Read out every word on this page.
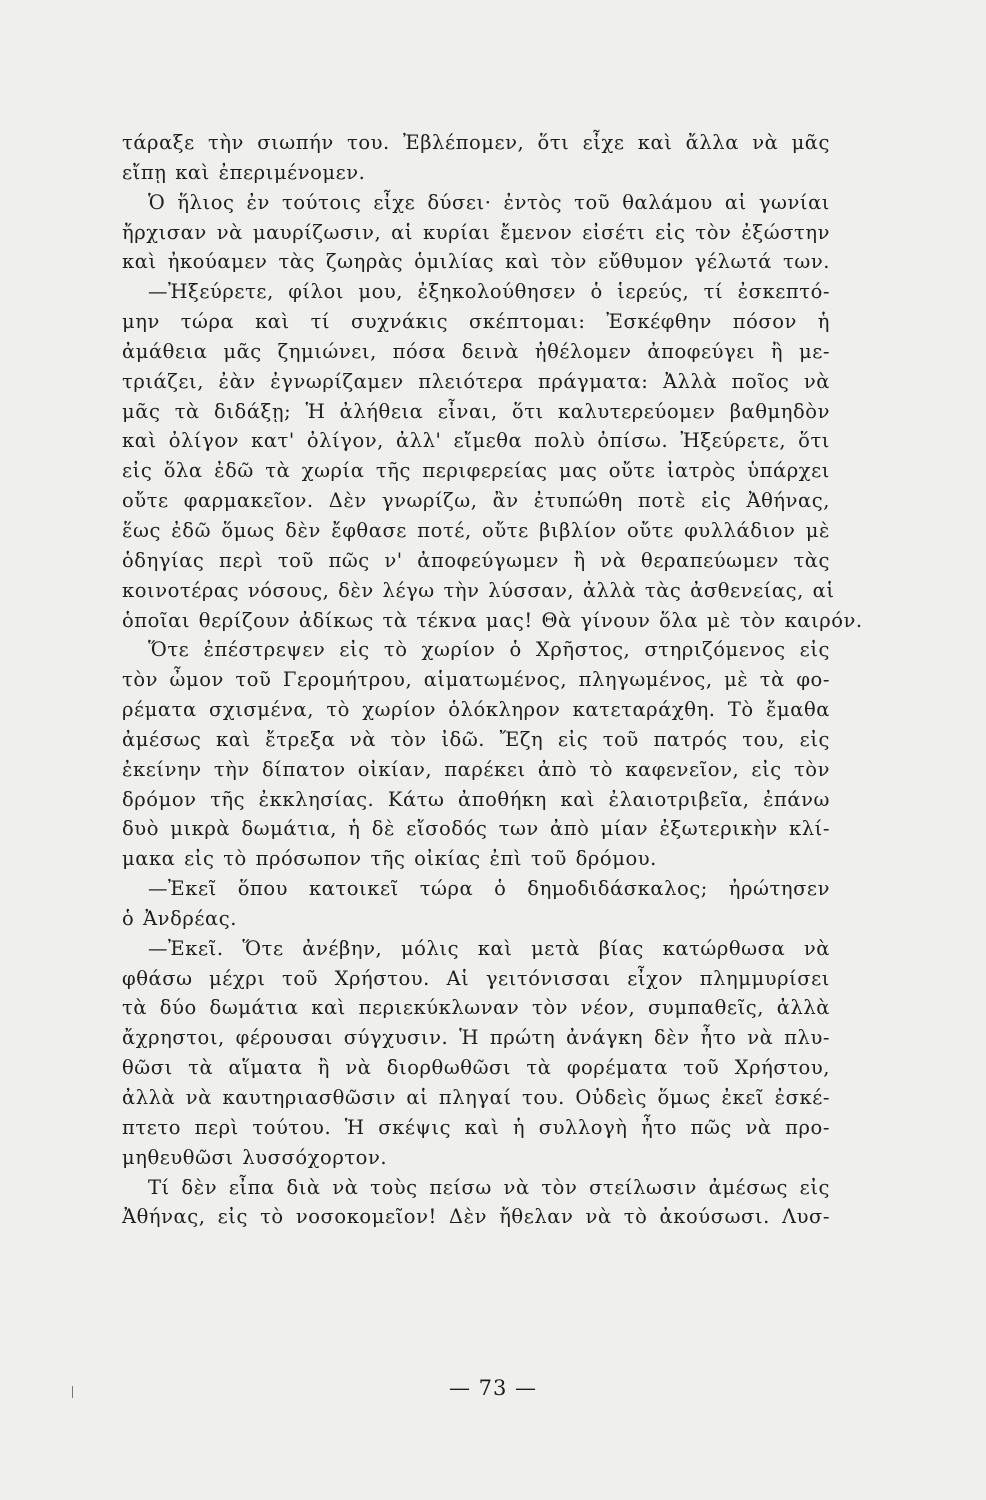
τάραξε τὴν σιωπήν του. Ἐβλέπομεν, ὅτι εἶχε καὶ ἄλλα νὰ μᾶς
εἴπῃ καὶ ἐπεριμένομεν.
Ὁ ἥλιος ἐν τούτοις εἶχε δύσει· ἐντὸς τοῦ θαλάμου αἱ γωνίαι
ἤρχισαν νὰ μαυρίζωσιν, αἱ κυρίαι ἔμενον εἰσέτι εἰς τὸν ἐξώστην
καὶ ἠκούαμεν τὰς ζωηρὰς ὁμιλίας καὶ τὸν εὔθυμον γέλωτά των.
—Ἠξεύρετε, φίλοι μου, ἐξηκολούθησεν ὁ ἱερεύς, τί ἐσκεπτό-
μην τώρα καὶ τί συχνάκις σκέπτομαι: Ἐσκέφθην πόσον ἡ
ἀμάθεια μᾶς ζημιώνει, πόσα δεινὰ ἠθέλομεν ἀποφεύγει ἢ με-
τριάζει, ἐὰν ἐγνωρίζαμεν πλειότερα πράγματα: Ἀλλὰ ποῖος νὰ
μᾶς τὰ διδάξῃ; Ἡ ἀλήθεια εἶναι, ὅτι καλυτερεύομεν βαθμηδὸν
καὶ ὀλίγον κατ' ὀλίγον, ἀλλ' εἴμεθα πολὺ ὀπίσω. Ἠξεύρετε, ὅτι
εἰς ὅλα ἐδῶ τὰ χωρία τῆς περιφερείας μας οὔτε ἰατρὸς ὑπάρχει
οὔτε φαρμακεῖον. Δὲν γνωρίζω, ἂν ἐτυπώθη ποτὲ εἰς Ἀθήνας,
ἕως ἐδῶ ὅμως δὲν ἔφθασε ποτέ, οὔτε βιβλίον οὔτε φυλλάδιον μὲ
ὁδηγίας περὶ τοῦ πῶς ν' ἀποφεύγωμεν ἢ νὰ θεραπεύωμεν τὰς
κοινοτέρας νόσους, δὲν λέγω τὴν λύσσαν, ἀλλὰ τὰς ἀσθενείας, αἱ
ὁποῖαι θερίζουν ἀδίκως τὰ τέκνα μας! Θὰ γίνουν ὅλα μὲ τὸν καιρόν.
Ὅτε ἐπέστρεψεν εἰς τὸ χωρίον ὁ Χρῆστος, στηριζόμενος εἰς
τὸν ὦμον τοῦ Γερομήτρου, αἱματωμένος, πληγωμένος, μὲ τὰ φο-
ρέματα σχισμένα, τὸ χωρίον ὁλόκληρον κατεταράχθη. Τὸ ἔμαθα
ἀμέσως καὶ ἔτρεξα νὰ τὸν ἰδῶ. Ἔζη εἰς τοῦ πατρός του, εἰς
ἐκείνην τὴν δίπατον οἰκίαν, παρέκει ἀπὸ τὸ καφενεῖον, εἰς τὸν
δρόμον τῆς ἐκκλησίας. Κάτω ἀποθήκη καὶ ἐλαιοτριβεῖα, ἐπάνω
δυὸ μικρὰ δωμάτια, ἡ δὲ εἴσοδός των ἀπὸ μίαν ἐξωτερικὴν κλί-
μακα εἰς τὸ πρόσωπον τῆς οἰκίας ἐπὶ τοῦ δρόμου.
—Ἐκεῖ ὅπου κατοικεῖ τώρα ὁ δημοδιδάσκαλος; ἠρώτησεν
ὁ Ἀνδρέας.
—Ἐκεῖ. Ὅτε ἀνέβην, μόλις καὶ μετὰ βίας κατώρθωσα νὰ
φθάσω μέχρι τοῦ Χρήστου. Αἱ γειτόνισσαι εἶχον πλημμυρίσει
τὰ δύο δωμάτια καὶ περιεκύκλωναν τὸν νέον, συμπαθεῖς, ἀλλὰ
ἄχρηστοι, φέρουσαι σύγχυσιν. Ἡ πρώτη ἀνάγκη δὲν ἦτο νὰ πλυ-
θῶσι τὰ αἵματα ἢ νὰ διορθωθῶσι τὰ φορέματα τοῦ Χρήστου,
ἀλλὰ νὰ καυτηριασθῶσιν αἱ πληγαί του. Οὐδεὶς ὅμως ἐκεῖ ἐσκέ-
πτετο περὶ τούτου. Ἡ σκέψις καὶ ἡ συλλογὴ ἦτο πῶς νὰ προ-
μηθευθῶσι λυσσόχορτον.
Τί δὲν εἶπα διὰ νὰ τοὺς πείσω νὰ τὸν στείλωσιν ἀμέσως εἰς
Ἀθήνας, εἰς τὸ νοσοκομεῖον! Δὲν ἤθελαν νὰ τὸ ἀκούσωσι. Λυσ-
— 73 —
